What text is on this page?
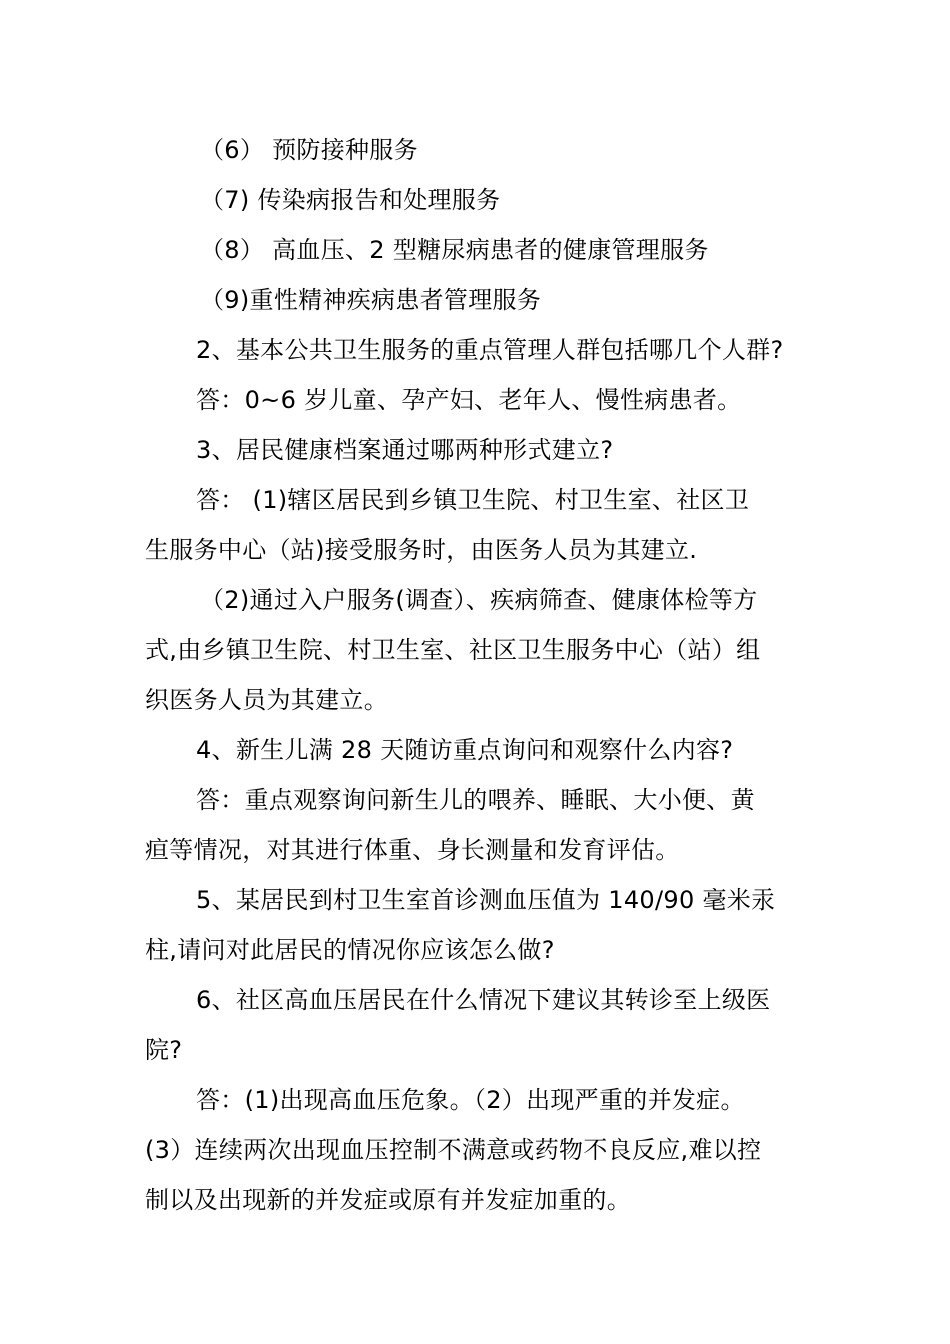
（6） 预防接种服务
（7) 传染病报告和处理服务
（8） 高血压、2 型糖尿病患者的健康管理服务
（9)重性精神疾病患者管理服务
2、基本公共卫生服务的重点管理人群包括哪几个人群?
答：0~6 岁儿童、孕产妇、老年人、慢性病患者。
3、居民健康档案通过哪两种形式建立?
答： (1)辖区居民到乡镇卫生院、村卫生室、社区卫
生服务中心（站)接受服务时，由医务人员为其建立.
（2)通过入户服务(调查）、疾病筛查、健康体检等方
式,由乡镇卫生院、村卫生室、社区卫生服务中心（站）组
织医务人员为其建立。
4、新生儿满 28 天随访重点询问和观察什么内容?
答：重点观察询问新生儿的喂养、睡眠、大小便、黄
疸等情况，对其进行体重、身长测量和发育评估。
5、某居民到村卫生室首诊测血压值为 140/90 毫米汞
柱,请问对此居民的情况你应该怎么做?
6、社区高血压居民在什么情况下建议其转诊至上级医
院?
答：(1)出现高血压危象。（2）出现严重的并发症。
(3）连续两次出现血压控制不满意或药物不良反应,难以控
制以及出现新的并发症或原有并发症加重的。
